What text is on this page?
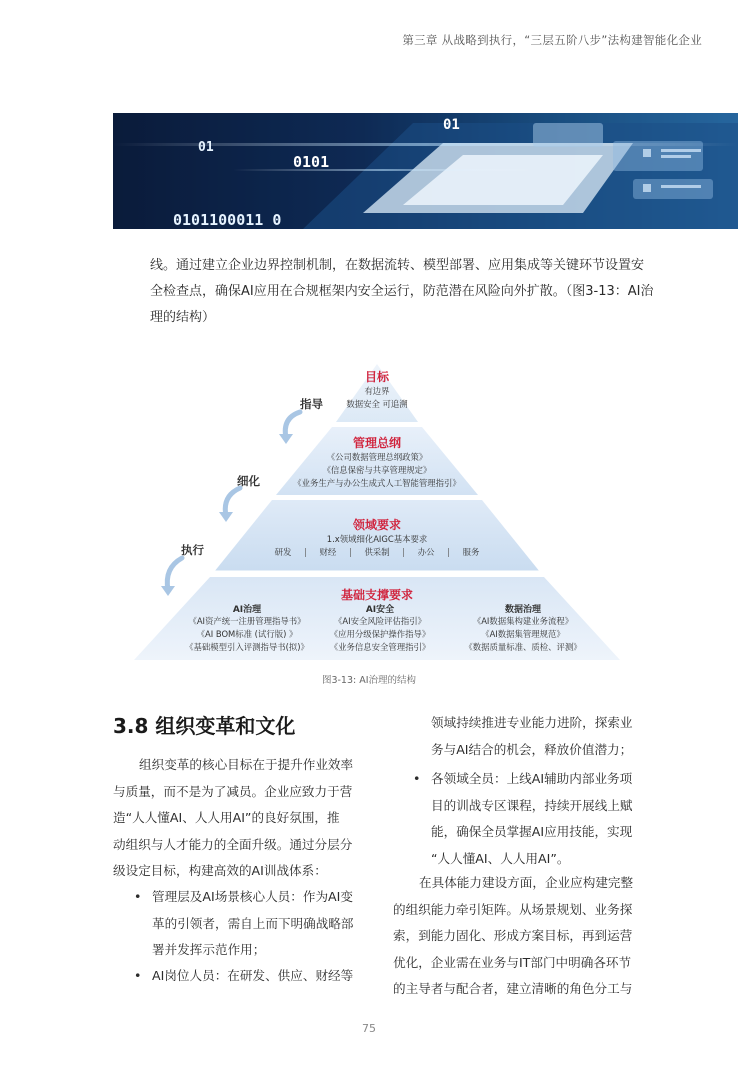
第三章 从战略到执行，“三层五阶八步”法构建智能化企业
01
0101
0101100011 0
01
线。通过建立企业边界控制机制，在数据流转、模型部署、应用集成等关键环节设置安
全检查点，确保AI应用在合规框架内安全运行，防范潜在风险向外扩散。（图3-13：AI治
理的结构）
指导
细化
执行
目标
有边界
数据安全 可追溯
管理总纲
《公司数据管理总纲政策》
《信息保密与共享管理规定》
《业务生产与办公生成式人工智能管理指引》
领域要求
1.x领域细化AIGC基本要求
研发 | 财经 | 供采制 | 办公 | 服务
基础支撑要求
AI治理
《AI资产统一注册管理指导书》
《AI BOM标准 (试行版) 》
《基础模型引入评测指导书(拟)》
AI安全
《AI安全风险评估指引》
《应用分级保护操作指导》
《业务信息安全管理指引》
数据治理
《AI数据集构建业务流程》
《AI数据集管理规范》
《数据质量标准、质检、评测》
图3-13: AI治理的结构
3.8 组织变革和文化
组织变革的核心目标在于提升作业效率
与质量，而不是为了减员。企业应致力于营
造“人人懂AI、人人用AI”的良好氛围，推
动组织与人才能力的全面升级。通过分层分
级设定目标，构建高效的AI训战体系：
• 管理层及AI场景核心人员：作为AI变
革的引领者，需自上而下明确战略部
署并发挥示范作用；
• AI岗位人员：在研发、供应、财经等
领域持续推进专业能力进阶，探索业
务与AI结合的机会，释放价值潜力；
• 各领域全员：上线AI辅助内部业务项
目的训战专区课程，持续开展线上赋
能，确保全员掌握AI应用技能，实现
“人人懂AI、人人用AI”。
在具体能力建设方面，企业应构建完整
的组织能力牵引矩阵。从场景规划、业务探
索，到能力固化、形成方案目标，再到运营
优化，企业需在业务与IT部门中明确各环节
的主导者与配合者，建立清晰的角色分工与
75
